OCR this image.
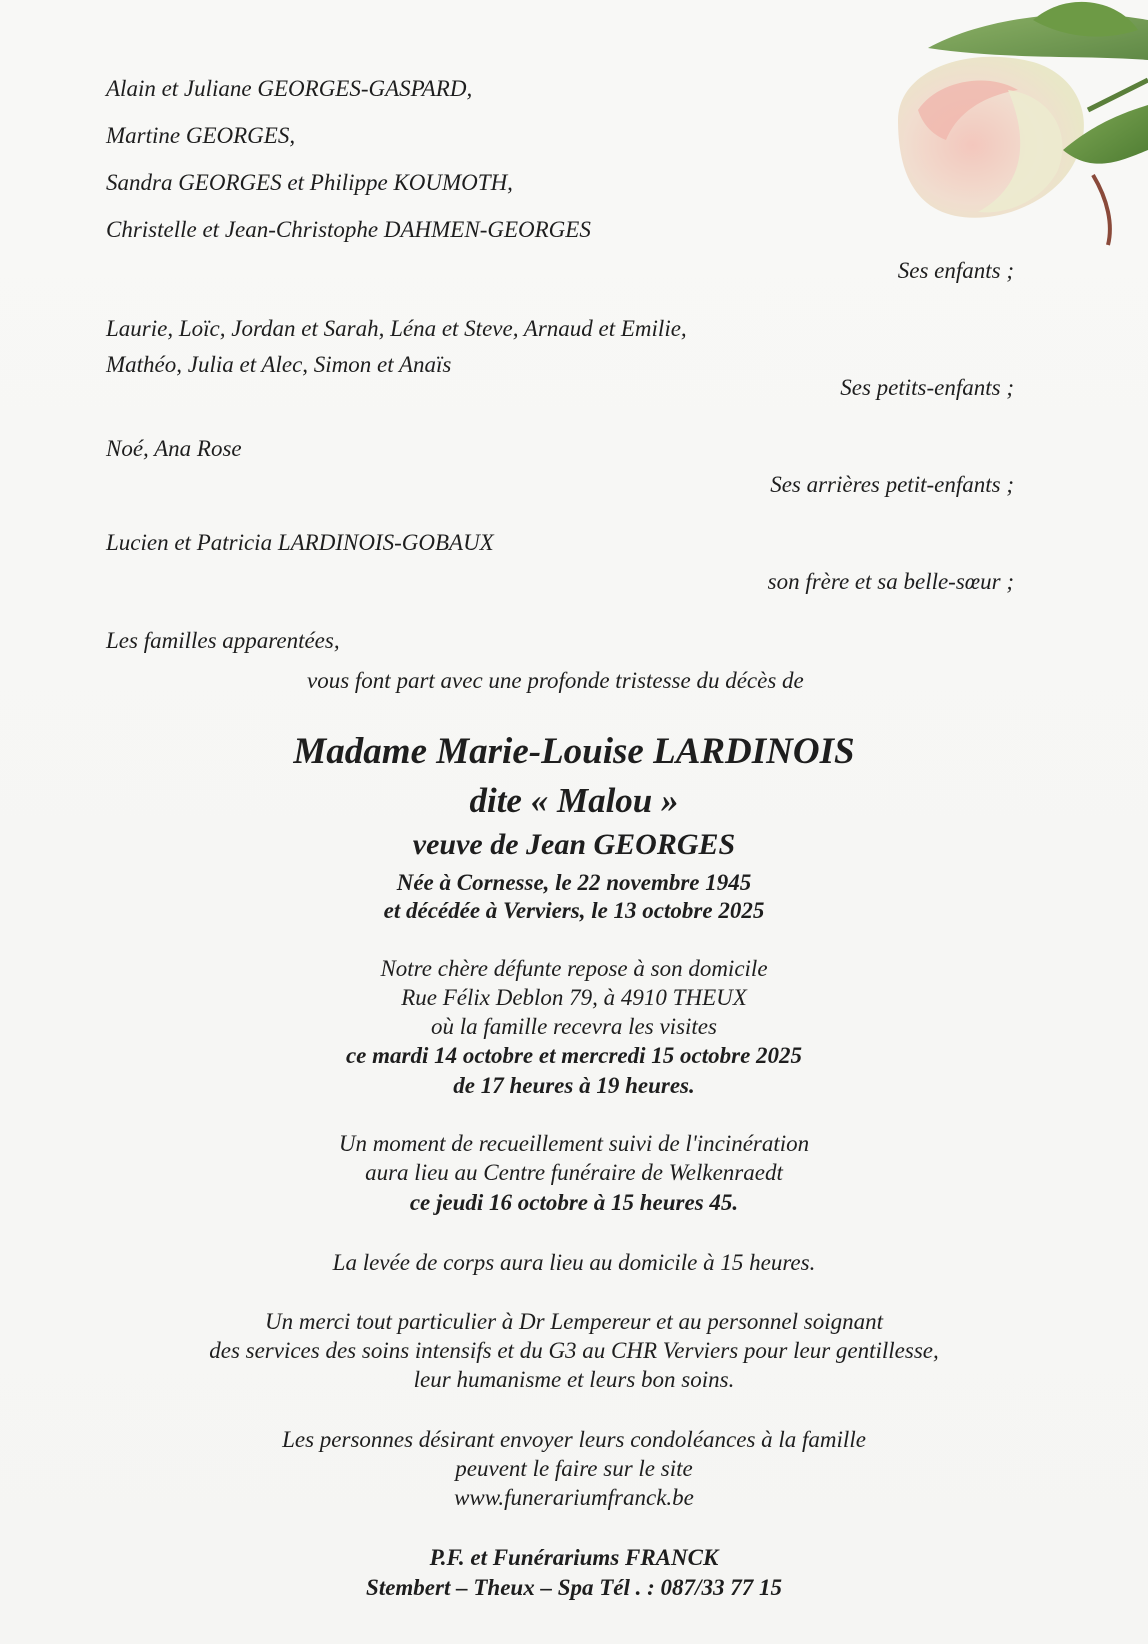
Alain et Juliane GEORGES-GASPARD,
Martine GEORGES,
Sandra GEORGES et Philippe KOUMOTH,
Christelle et Jean-Christophe DAHMEN-GEORGES
Ses enfants ;
Laurie, Loïc, Jordan et Sarah, Léna et Steve, Arnaud et Emilie,
Mathéo, Julia et Alec, Simon et Anaïs
Ses petits-enfants ;
Noé, Ana Rose
Ses arrières petit-enfants ;
Lucien et Patricia LARDINOIS-GOBAUX
son frère et sa belle-sœur ;
Les familles apparentées,
vous font part avec une profonde tristesse du décès de
Madame Marie-Louise LARDINOIS
dite « Malou »
veuve de Jean GEORGES
Née à Cornesse, le 22 novembre 1945
et décédée à Verviers, le 13 octobre 2025
Notre chère défunte repose à son domicile
Rue Félix Deblon 79, à 4910 THEUX
où la famille recevra les visites
ce mardi 14 octobre et mercredi 15 octobre 2025
de 17 heures à 19 heures.
Un moment de recueillement suivi de l'incinération
aura lieu au Centre funéraire de Welkenraedt
ce jeudi 16 octobre à 15 heures 45.
La levée de corps aura lieu au domicile à 15 heures.
Un merci tout particulier à Dr Lempereur et au personnel soignant
des services des soins intensifs et du G3 au CHR Verviers pour leur gentillesse,
leur humanisme et leurs bon soins.
Les personnes désirant envoyer leurs condoléances à la famille
peuvent le faire sur le site
www.funerariumfranck.be
P.F. et Funérariums FRANCK
Stembert – Theux – Spa Tél . : 087/33 77 15
